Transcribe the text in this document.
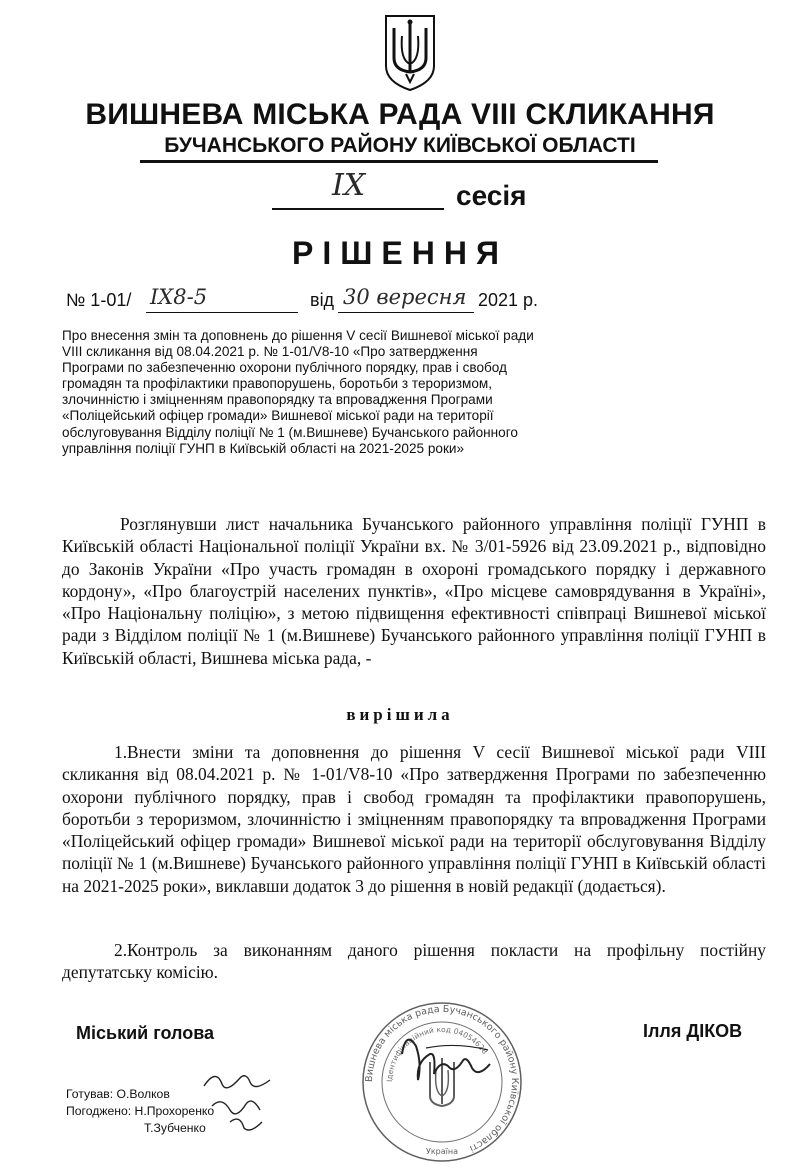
ВИШНЕВА МІСЬКА РАДА VIII СКЛИКАННЯ
БУЧАНСЬКОГО РАЙОНУ КИЇВСЬКОЇ ОБЛАСТІ
IX	сесія
РІШЕННЯ
№ 1-01/ IX8-5	від 30 вересня 2021 р.
Про внесення змін та доповнень до рішення V сесії Вишневої міської ради VIII скликання від 08.04.2021 р. № 1-01/V8-10 «Про затвердження Програми по забезпеченню охорони публічного порядку, прав і свобод громадян та профілактики правопорушень, боротьби з тероризмом, злочинністю і зміцненням правопорядку та впровадження Програми «Поліцейський офіцер громади» Вишневої міської ради на території обслуговування Відділу поліції № 1 (м.Вишневе) Бучанського районного управління поліції ГУНП в Київській області на 2021-2025 роки»
Розглянувши лист начальника Бучанського районного управління поліції ГУНП в Київській області Національної поліції України вх. № 3/01-5926 від 23.09.2021 р., відповідно до Законів України «Про участь громадян в охороні громадського порядку і державного кордону», «Про благоустрій населених пунктів», «Про місцеве самоврядування в Україні», «Про Національну поліцію», з метою підвищення ефективності співпраці Вишневої міської ради з Відділом поліції № 1 (м.Вишневе) Бучанського районного управління поліції ГУНП в Київській області, Вишнева міська рада, -
вирішила
1.Внести зміни та доповнення до рішення V сесії Вишневої міської ради VIII скликання від 08.04.2021 р. № 1-01/V8-10 «Про затвердження Програми по забезпеченню охорони публічного порядку, прав і свобод громадян та профілактики правопорушень, боротьби з тероризмом, злочинністю і зміцненням правопорядку та впровадження Програми «Поліцейський офіцер громади» Вишневої міської ради на території обслуговування Відділу поліції № 1 (м.Вишневе) Бучанського районного управління поліції ГУНП в Київській області на 2021-2025 роки», виклавши додаток 3 до рішення в новій редакції (додається).
2.Контроль за виконанням даного рішення покласти на профільну постійну депутатську комісію.
Вишнева міська рада Бучанського району Київської області
Ідентифікаційний код 04054628
Україна
Міський голова	Ілля ДІКОВ
Готував: О.Волков
Погоджено: Н.Прохоренко
Т.Зубченко
